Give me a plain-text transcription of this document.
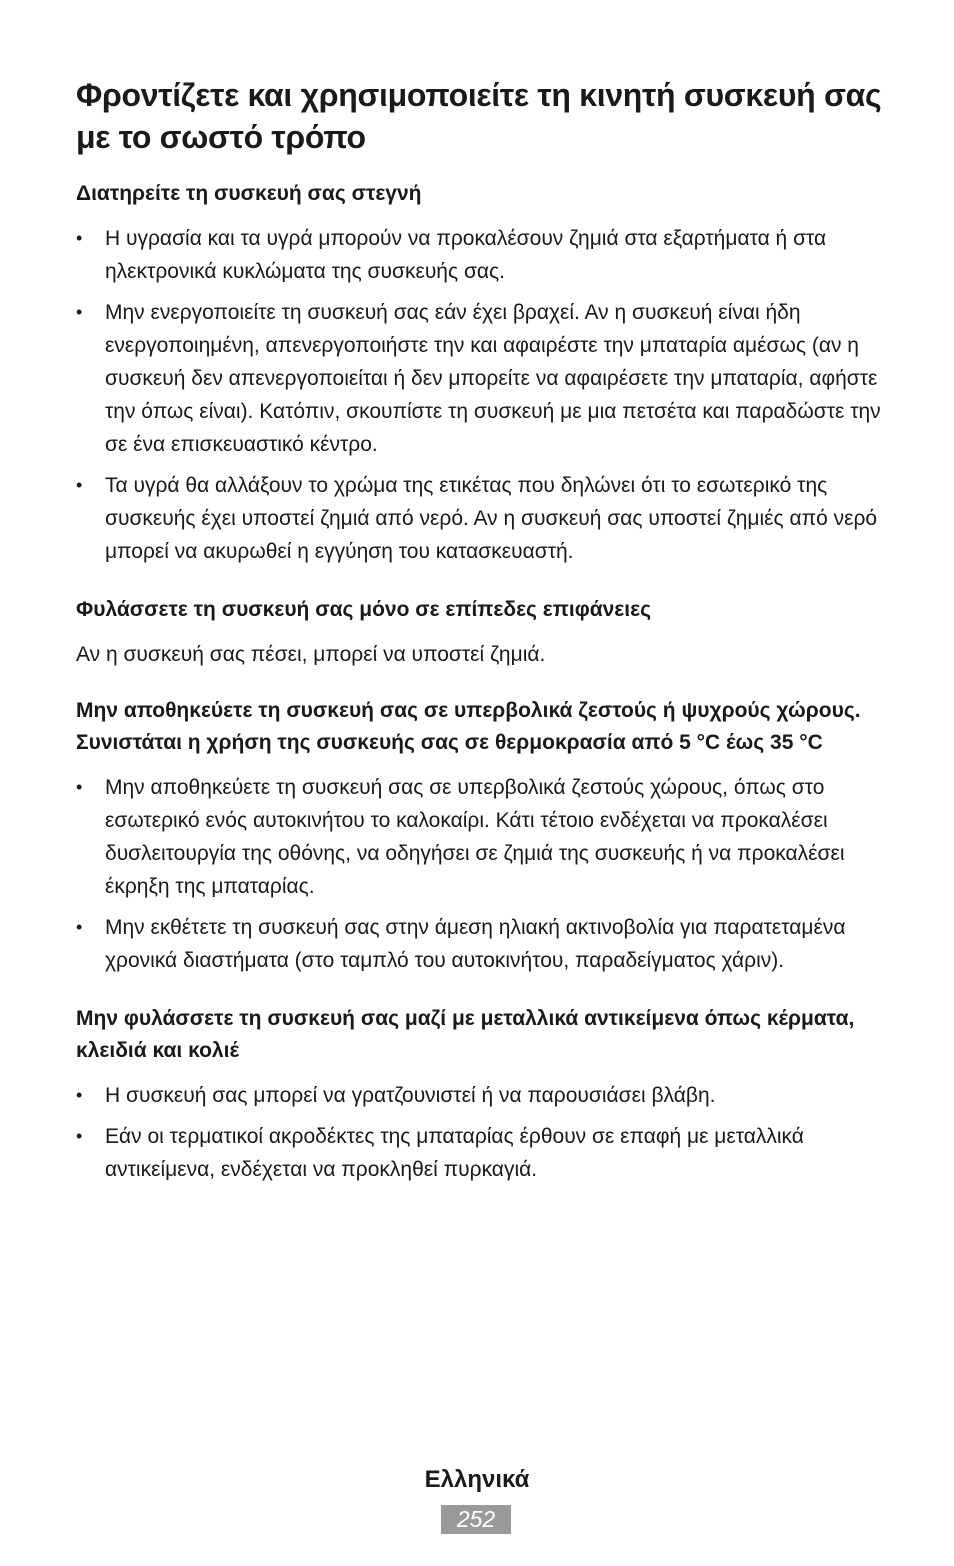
Φροντίζετε και χρησιμοποιείτε τη κινητή συσκευή σας με το σωστό τρόπο
Διατηρείτε τη συσκευή σας στεγνή
• Η υγρασία και τα υγρά μπορούν να προκαλέσουν ζημιά στα εξαρτήματα ή στα ηλεκτρονικά κυκλώματα της συσκευής σας.
• Μην ενεργοποιείτε τη συσκευή σας εάν έχει βραχεί. Αν η συσκευή είναι ήδη ενεργοποιημένη, απενεργοποιήστε την και αφαιρέστε την μπαταρία αμέσως (αν η συσκευή δεν απενεργοποιείται ή δεν μπορείτε να αφαιρέσετε την μπαταρία, αφήστε την όπως είναι). Κατόπιν, σκουπίστε τη συσκευή με μια πετσέτα και παραδώστε την σε ένα επισκευαστικό κέντρο.
• Τα υγρά θα αλλάξουν το χρώμα της ετικέτας που δηλώνει ότι το εσωτερικό της συσκευής έχει υποστεί ζημιά από νερό. Αν η συσκευή σας υποστεί ζημιές από νερό μπορεί να ακυρωθεί η εγγύηση του κατασκευαστή.
Φυλάσσετε τη συσκευή σας μόνο σε επίπεδες επιφάνειες

Αν η συσκευή σας πέσει, μπορεί να υποστεί ζημιά.

Μην αποθηκεύετε τη συσκευή σας σε υπερβολικά ζεστούς ή ψυχρούς χώρους. Συνιστάται η χρήση της συσκευής σας σε θερμοκρασία από 5 °C έως 35 °C
• Μην αποθηκεύετε τη συσκευή σας σε υπερβολικά ζεστούς χώρους, όπως στο εσωτερικό ενός αυτοκινήτου το καλοκαίρι. Κάτι τέτοιο ενδέχεται να προκαλέσει δυσλειτουργία της οθόνης, να οδηγήσει σε ζημιά της συσκευής ή να προκαλέσει έκρηξη της μπαταρίας.
• Μην εκθέτετε τη συσκευή σας στην άμεση ηλιακή ακτινοβολία για παρατεταμένα χρονικά διαστήματα (στο ταμπλό του αυτοκινήτου, παραδείγματος χάριν).
Μην φυλάσσετε τη συσκευή σας μαζί με μεταλλικά αντικείμενα όπως κέρματα, κλειδιά και κολιέ
• Η συσκευή σας μπορεί να γρατζουνιστεί ή να παρουσιάσει βλάβη.
• Εάν οι τερματικοί ακροδέκτες της μπαταρίας έρθουν σε επαφή με μεταλλικά αντικείμενα, ενδέχεται να προκληθεί πυρκαγιά.
Ελληνικά
252
